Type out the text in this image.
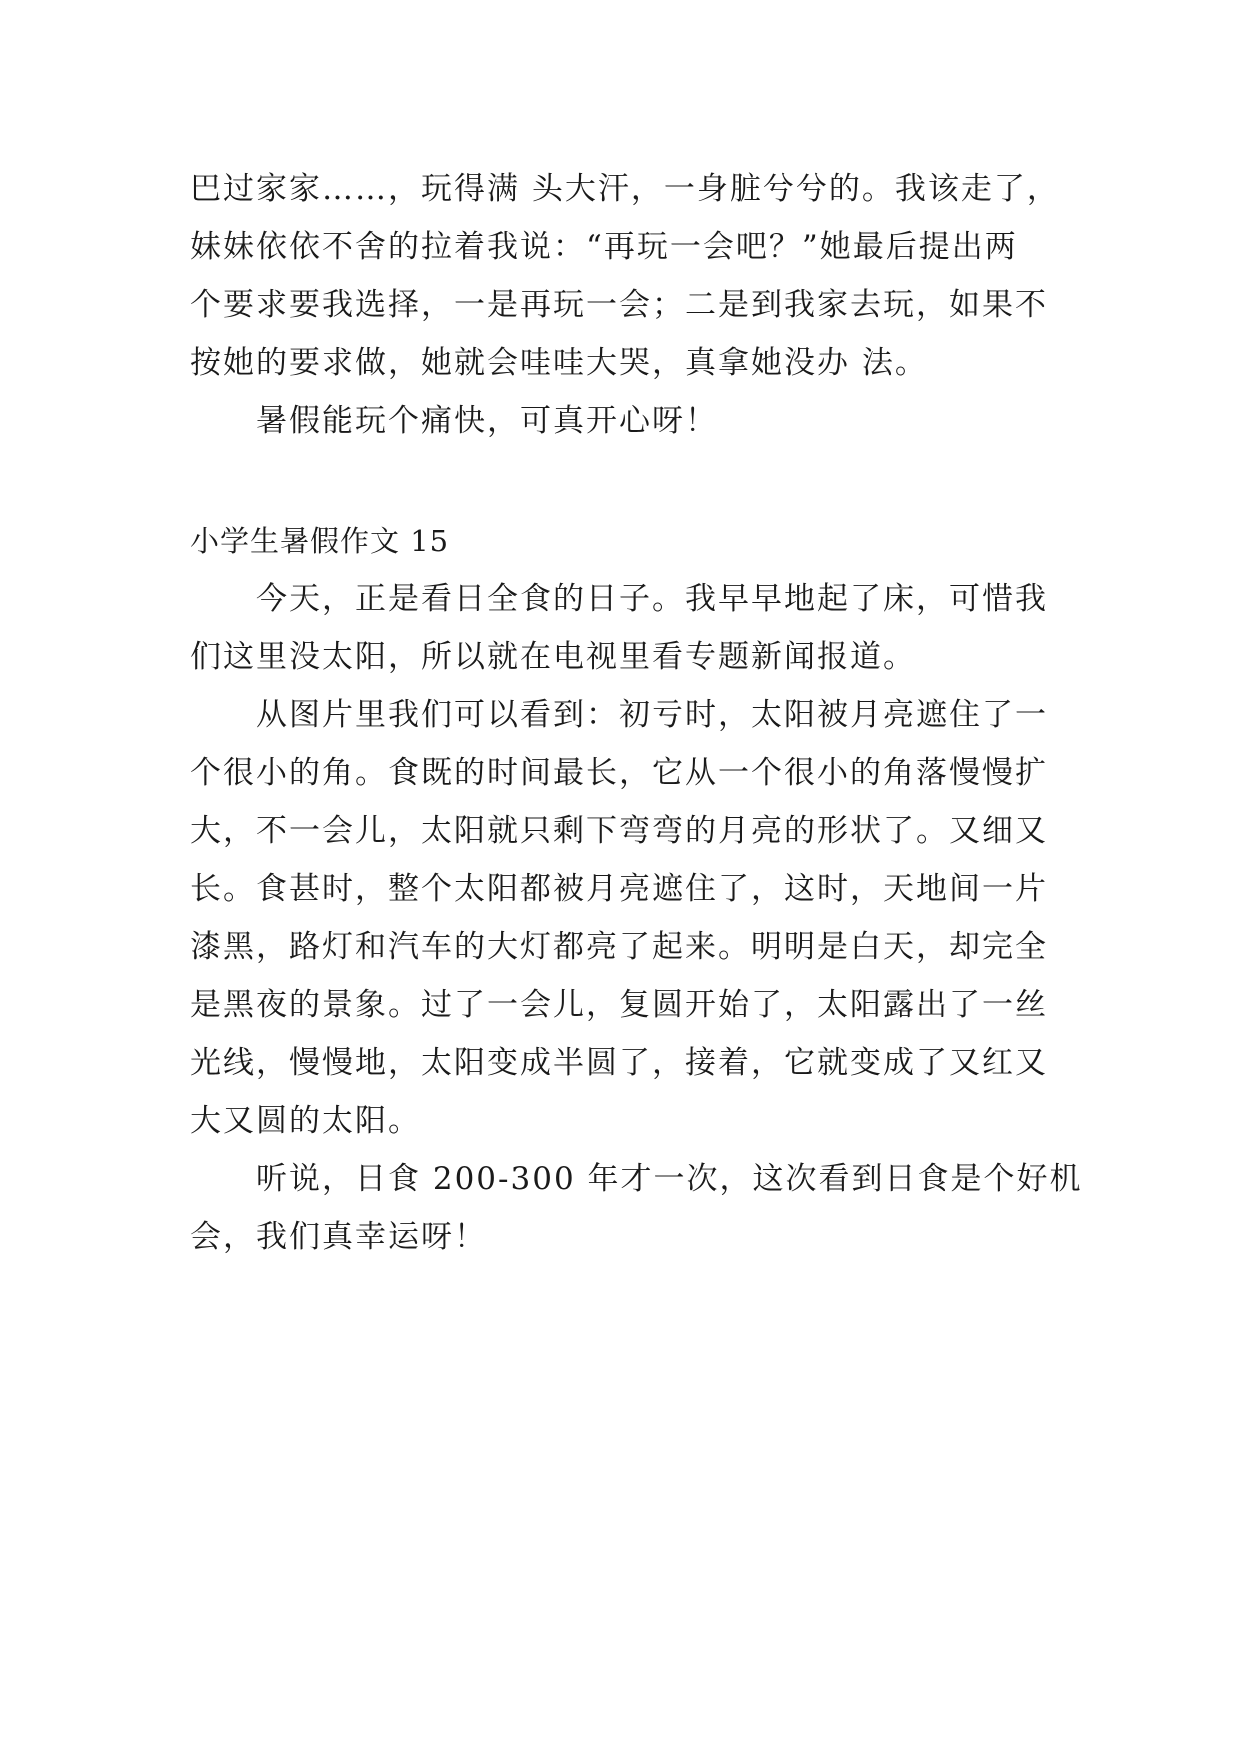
巴过家家……，玩得满 头大汗，一身脏兮兮的。我该走了，
妹妹依依不舍的拉着我说：“再玩一会吧？”她最后提出两
个要求要我选择，一是再玩一会；二是到我家去玩，如果不
按她的要求做，她就会哇哇大哭，真拿她没办 法。
暑假能玩个痛快，可真开心呀！
小学生暑假作文 15
今天，正是看日全食的日子。我早早地起了床，可惜我
们这里没太阳，所以就在电视里看专题新闻报道。
从图片里我们可以看到：初亏时，太阳被月亮遮住了一
个很小的角。食既的时间最长，它从一个很小的角落慢慢扩
大，不一会儿，太阳就只剩下弯弯的月亮的形状了。又细又
长。食甚时，整个太阳都被月亮遮住了，这时，天地间一片
漆黑，路灯和汽车的大灯都亮了起来。明明是白天，却完全
是黑夜的景象。过了一会儿，复圆开始了，太阳露出了一丝
光线，慢慢地，太阳变成半圆了，接着，它就变成了又红又
大又圆的太阳。
听说，日食 200-300 年才一次，这次看到日食是个好机
会，我们真幸运呀！
